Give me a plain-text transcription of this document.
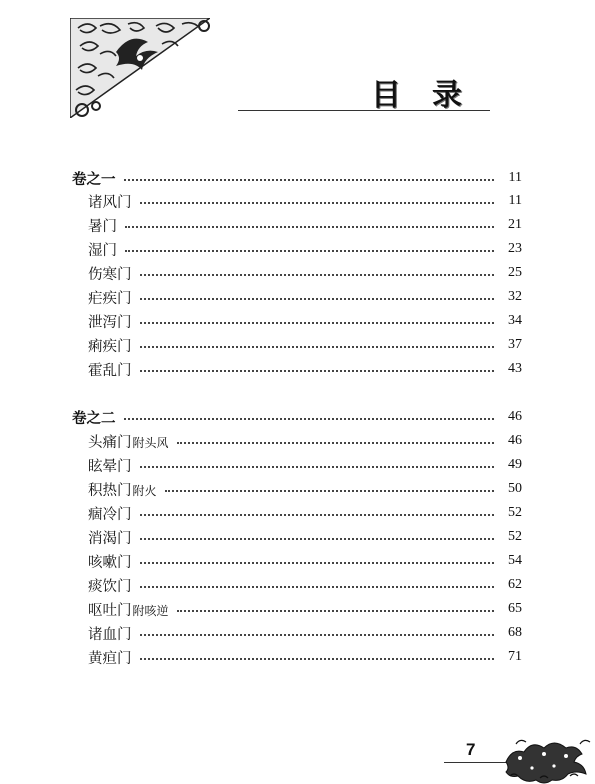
目 录
卷之一	11
诸风门	11
暑门	21
湿门	23
伤寒门	25
疟疾门	32
泄泻门	34
痢疾门	37
霍乱门	43
卷之二	46
头痛门附头风	46
眩晕门	49
积热门附火	50
痼冷门	52
消渴门	52
咳嗽门	54
痰饮门	62
呕吐门附咳逆	65
诸血门	68
黄疸门	71
7
